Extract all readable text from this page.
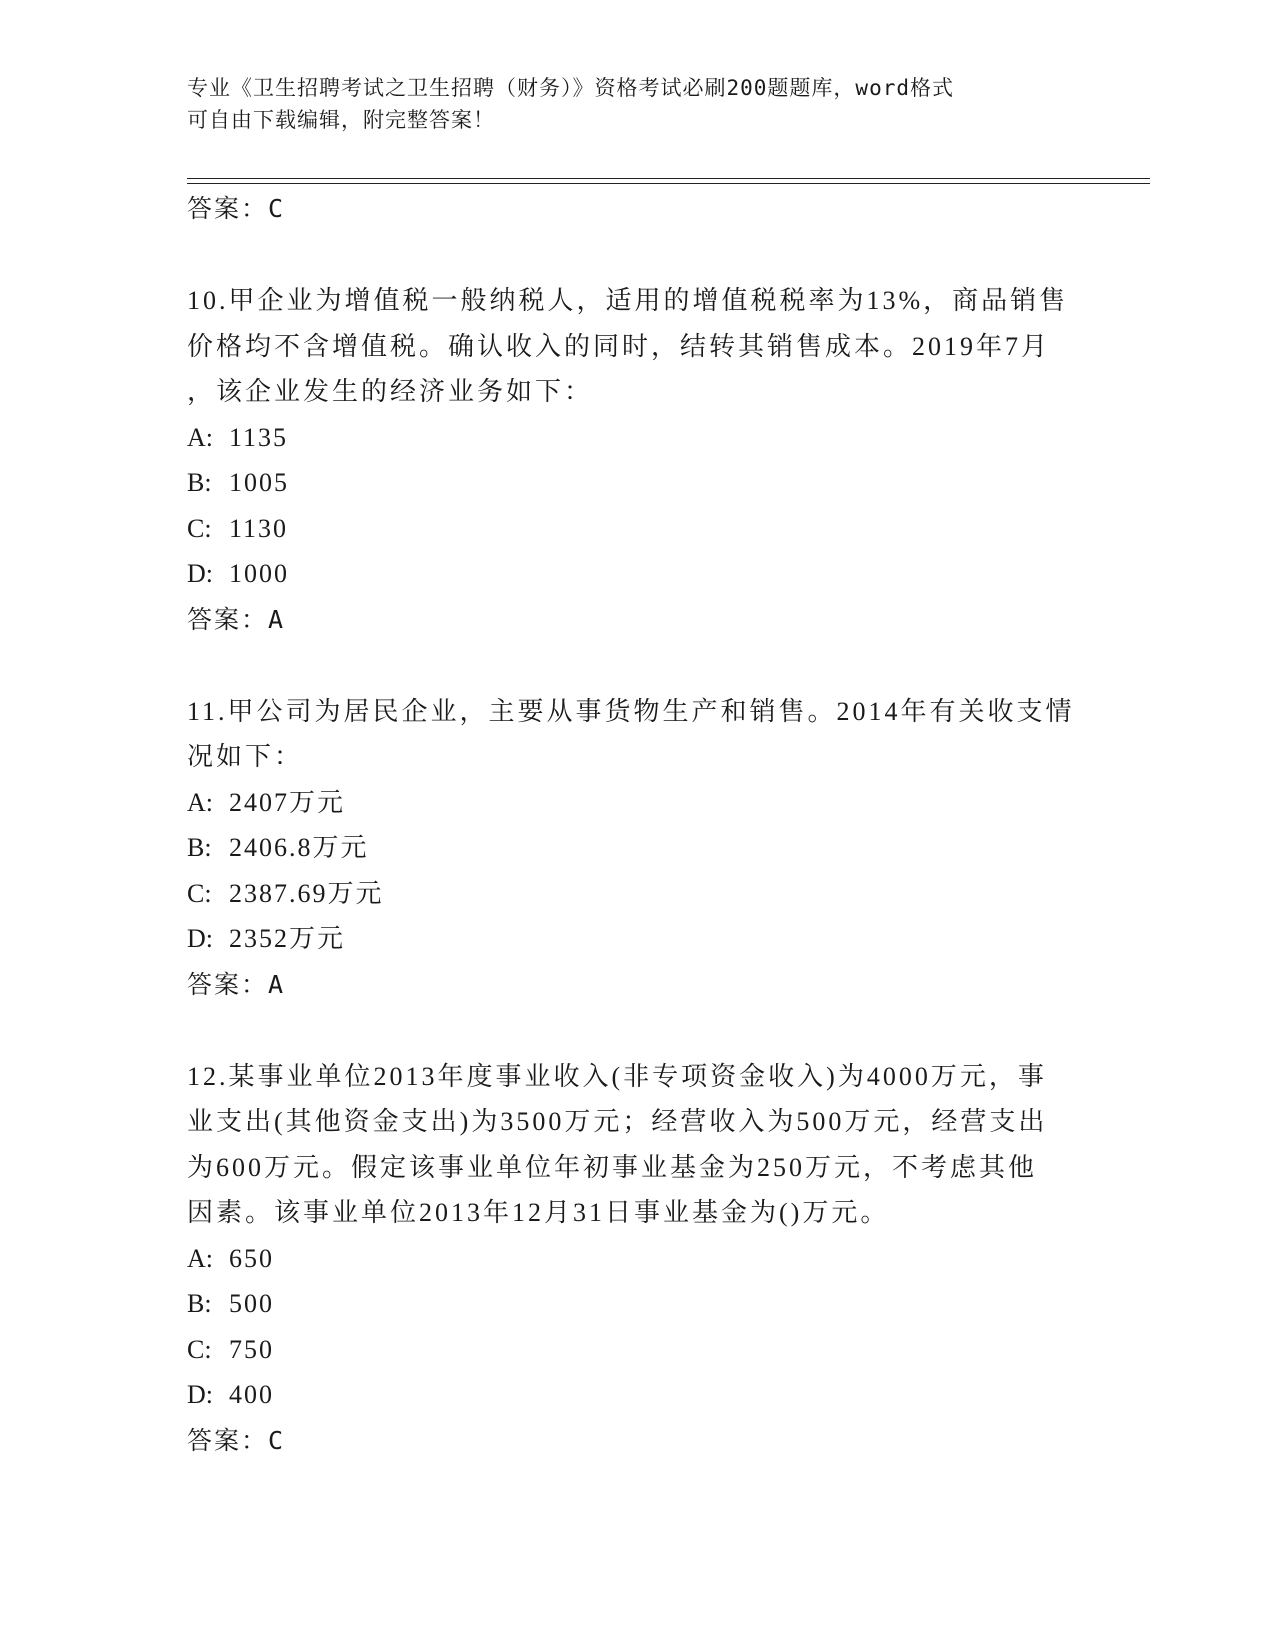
专业《卫生招聘考试之卫生招聘（财务）》资格考试必刷200题题库，word格式
可自由下载编辑，附完整答案！
答案：C
10.甲企业为增值税一般纳税人，适用的增值税税率为13%，商品销售
价格均不含增值税。确认收入的同时，结转其销售成本。2019年7月
，该企业发生的经济业务如下：
A: 1135
B: 1005
C: 1130
D: 1000
答案：A
11.甲公司为居民企业，主要从事货物生产和销售。2014年有关收支情
况如下：
A: 2407万元
B: 2406.8万元
C: 2387.69万元
D: 2352万元
答案：A
12.某事业单位2013年度事业收入(非专项资金收入)为4000万元，事
业支出(其他资金支出)为3500万元；经营收入为500万元，经营支出
为600万元。假定该事业单位年初事业基金为250万元，不考虑其他
因素。该事业单位2013年12月31日事业基金为()万元。
A: 650
B: 500
C: 750
D: 400
答案：C
